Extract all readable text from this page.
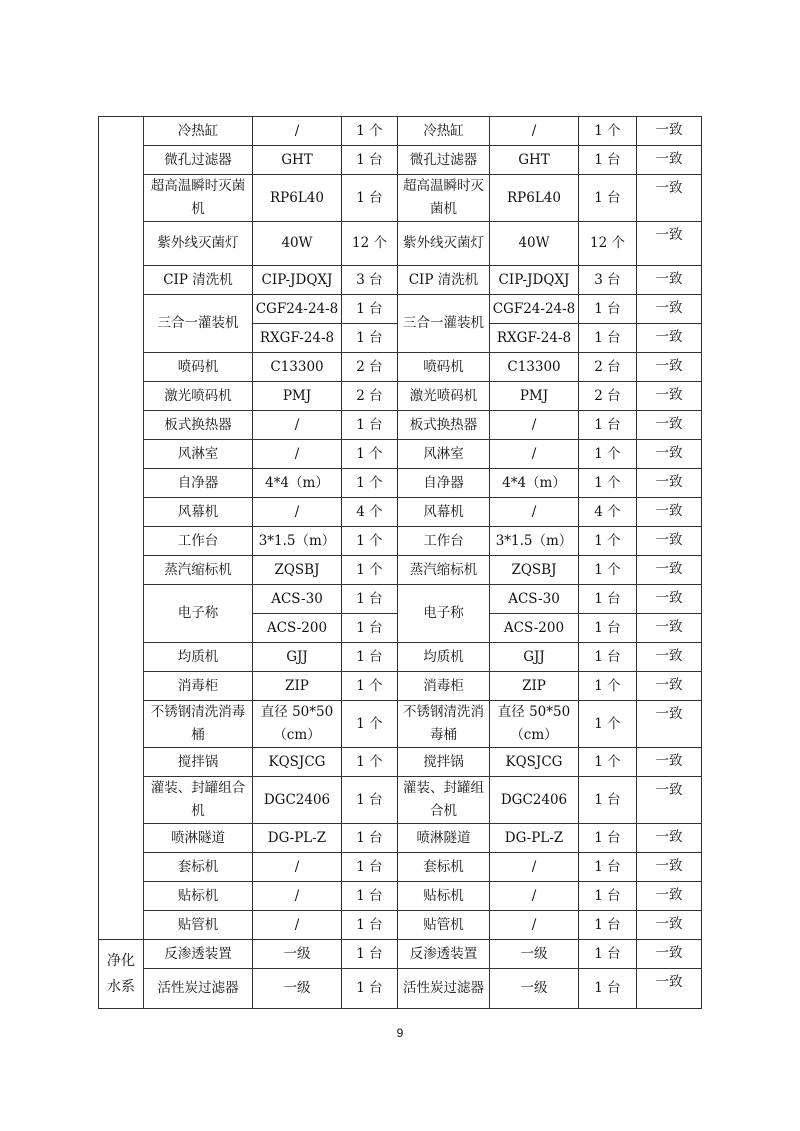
	冷热缸	/	1 个	冷热缸	/	1 个	一致
	微孔过滤器	GHT	1 台	微孔过滤器	GHT	1 台	一致
	超高温瞬时灭菌机	RP6L40	1 台	超高温瞬时灭菌机	RP6L40	1 台	一致
	紫外线灭菌灯	40W	12 个	紫外线灭菌灯	40W	12 个	一致
	CIP 清洗机	CIP-JDQXJ	3 台	CIP 清洗机	CIP-JDQXJ	3 台	一致
	三合一灌装机	CGF24-24-8	1 台	三合一灌装机	CGF24-24-8	1 台	一致
		RXGF-24-8	1 台		RXGF-24-8	1 台	一致
	喷码机	C13300	2 台	喷码机	C13300	2 台	一致
	激光喷码机	PMJ	2 台	激光喷码机	PMJ	2 台	一致
	板式换热器	/	1 台	板式换热器	/	1 台	一致
	风淋室	/	1 个	风淋室	/	1 个	一致
	自净器	4*4（m）	1 个	自净器	4*4（m）	1 个	一致
	风幕机	/	4 个	风幕机	/	4 个	一致
	工作台	3*1.5（m）	1 个	工作台	3*1.5（m）	1 个	一致
	蒸汽缩标机	ZQSBJ	1 个	蒸汽缩标机	ZQSBJ	1 个	一致
	电子称	ACS-30	1 台	电子称	ACS-30	1 台	一致
		ACS-200	1 台		ACS-200	1 台	一致
	均质机	GJJ	1 台	均质机	GJJ	1 台	一致
	消毒柜	ZIP	1 个	消毒柜	ZIP	1 个	一致
	不锈钢清洗消毒桶	直径 50*50（cm）	1 个	不锈钢清洗消毒桶	直径 50*50（cm）	1 个	一致
	搅拌锅	KQSJCG	1 个	搅拌锅	KQSJCG	1 个	一致
	灌装、封罐组合机	DGC2406	1 台	灌装、封罐组合机	DGC2406	1 台	一致
	喷淋隧道	DG-PL-Z	1 台	喷淋隧道	DG-PL-Z	1 台	一致
	套标机	/	1 台	套标机	/	1 台	一致
	贴标机	/	1 台	贴标机	/	1 台	一致
	贴管机	/	1 台	贴管机	/	1 台	一致
净化水系	反渗透装置	一级	1 台	反渗透装置	一级	1 台	一致
	活性炭过滤器	一级	1 台	活性炭过滤器	一级	1 台	一致
9
